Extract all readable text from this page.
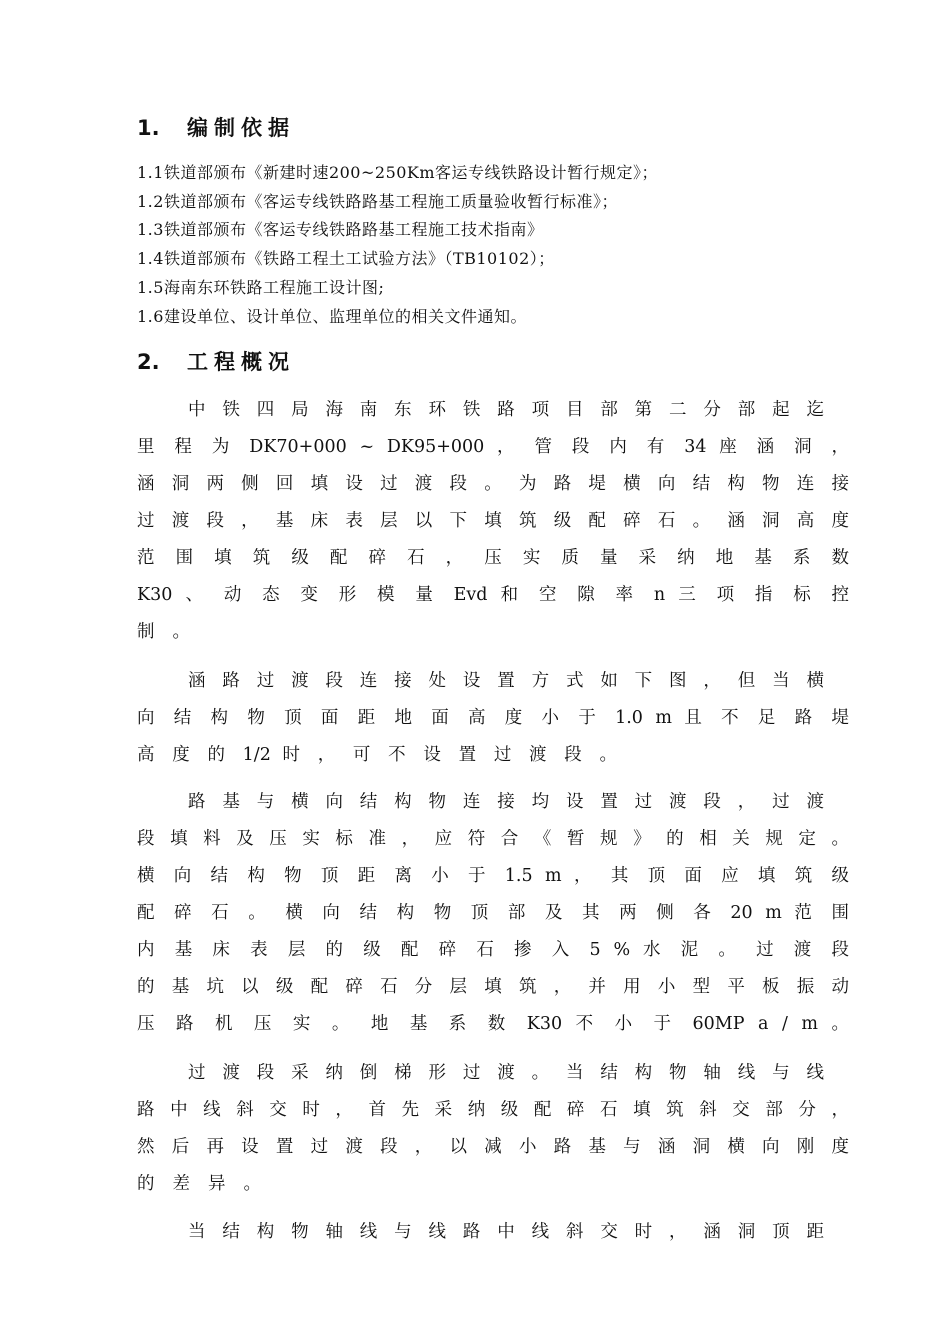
1. 编制依据
1.1铁道部颁布《新建时速200~250Km客运专线铁路设计暂行规定》；
1.2铁道部颁布《客运专线铁路路基工程施工质量验收暂行标准》；
1.3铁道部颁布《客运专线铁路路基工程施工技术指南》
1.4铁道部颁布《铁路工程土工试验方法》（TB10102）；
1.5海南东环铁路工程施工设计图;
1.6建设单位、设计单位、监理单位的相关文件通知。
2. 工程概况
中 铁 四 局 海 南 东 环 铁 路 项 目 部 第 二 分 部 起 迄
里 程 为 DK70+000 ~ DK95+000 ， 管 段 内 有 34 座 涵 洞 ，
涵 洞 两 侧 回 填 设 过 渡 段 。 为 路 堤 横 向 结 构 物 连 接
过 渡 段 ， 基 床 表 层 以 下 填 筑 级 配 碎 石 。 涵 洞 高 度
范 围 填 筑 级 配 碎 石 ， 压 实 质 量 采 纳 地 基 系 数
K30 、 动 态 变 形 模 量 Evd 和 空 隙 率 n 三 项 指 标 控
制。
涵 路 过 渡 段 连 接 处 设 置 方 式 如 下 图 ， 但 当 横
向 结 构 物 顶 面 距 地 面 高 度 小 于 1.0 m 且 不 足 路 堤
高 度 的 1/2 时 ， 可 不 设 置 过 渡 段 。
路 基 与 横 向 结 构 物 连 接 均 设 置 过 渡 段 ， 过 渡
段 填 料 及 压 实 标 准 ， 应 符 合 《 暂 规 》 的 相 关 规 定 。
横 向 结 构 物 顶 距 离 小 于 1.5 m ， 其 顶 面 应 填 筑 级
配 碎 石 。 横 向 结 构 物 顶 部 及 其 两 侧 各 20 m 范 围
内 基 床 表 层 的 级 配 碎 石 掺 入 5 % 水 泥 。 过 渡 段
的 基 坑 以 级 配 碎 石 分 层 填 筑 ， 并 用 小 型 平 板 振 动
压 路 机 压 实 。 地 基 系 数 K30 不 小 于 60MP a / m 。
过 渡 段 采 纳 倒 梯 形 过 渡 。 当 结 构 物 轴 线 与 线
路 中 线 斜 交 时 ， 首 先 采 纳 级 配 碎 石 填 筑 斜 交 部 分 ，
然 后 再 设 置 过 渡 段 ， 以 减 小 路 基 与 涵 洞 横 向 刚 度
的差异。
当 结 构 物 轴 线 与 线 路 中 线 斜 交 时 ， 涵 洞 顶 距
